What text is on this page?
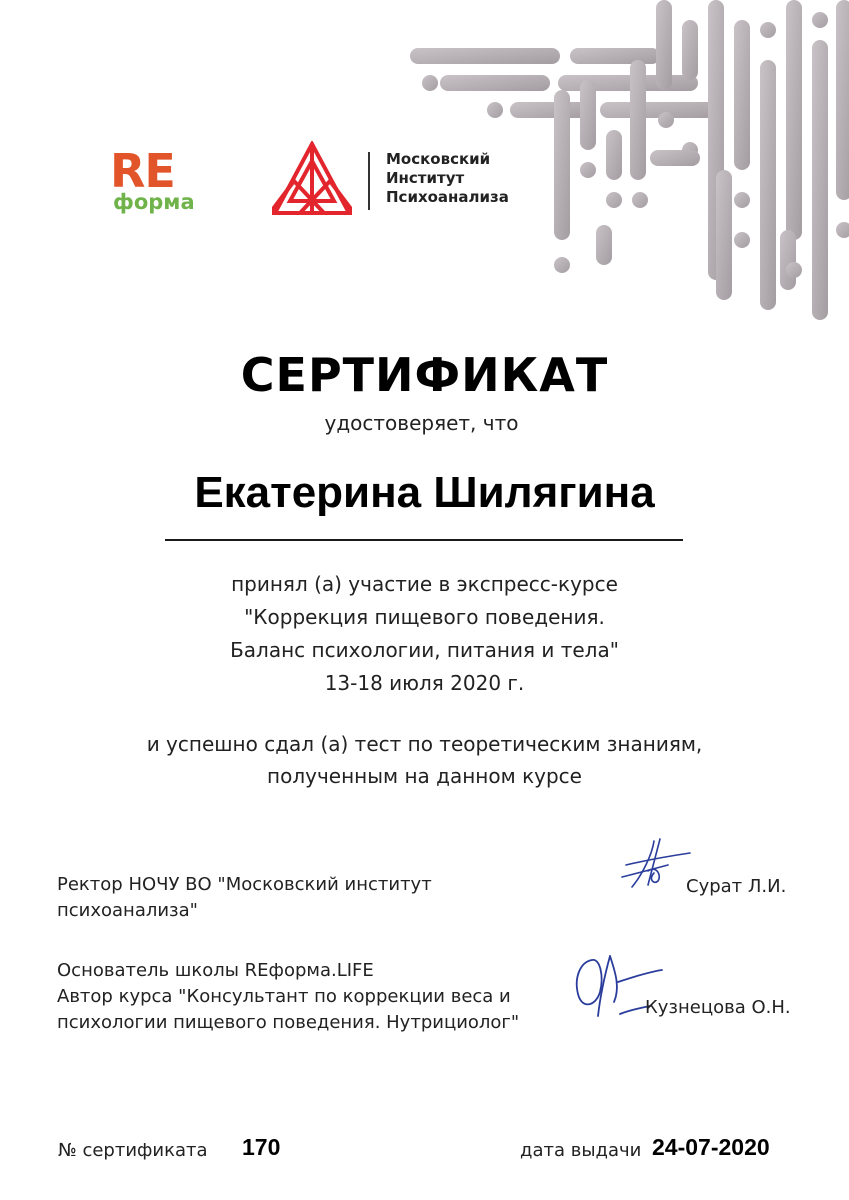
RE
форма
Московский
Институт
Психоанализа
СЕРТИФИКАТ
удостоверяет, что
Екатерина Шилягина
принял (а) участие в экспресс-курсе
"Коррекция пищевого поведения.
Баланс психологии, питания и тела"
13-18 июля 2020 г.
и успешно сдал (а) тест по теоретическим знаниям,
полученным на данном курсе
Ректор НОЧУ ВО "Московский институт
психоанализа"
Сурат Л.И.
Основатель школы REформа.LIFE
Автор курса "Консультант по коррекции веса и
психологии пищевого поведения. Нутрициолог"
Кузнецова О.Н.
№ сертификата 170	дата выдачи 24-07-2020
